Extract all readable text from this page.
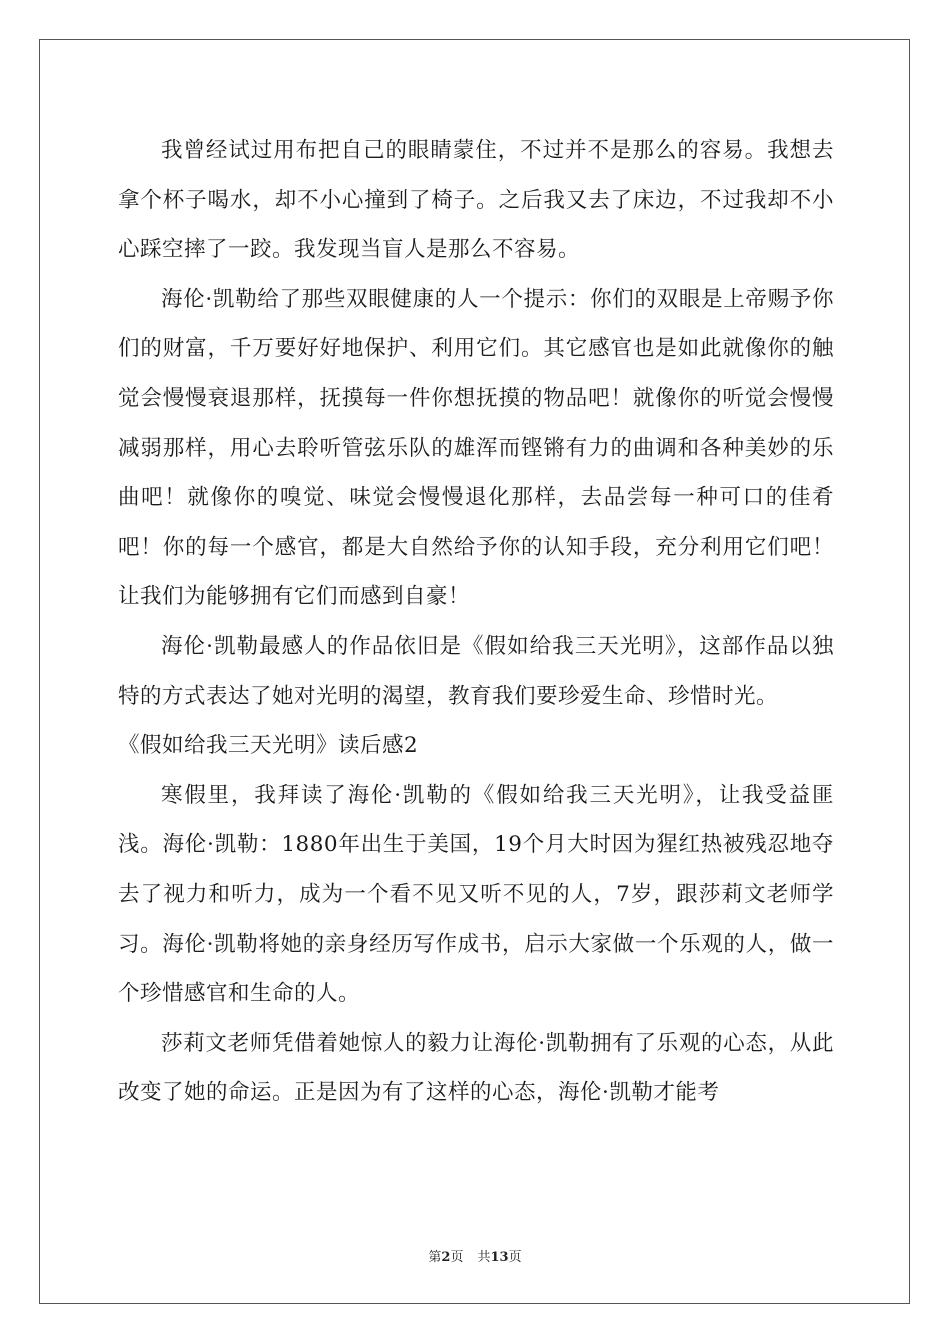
我曾经试过用布把自己的眼睛蒙住，不过并不是那么的容易。我想去拿个杯子喝水，却不小心撞到了椅子。之后我又去了床边，不过我却不小心踩空摔了一跤。我发现当盲人是那么不容易。

海伦·凯勒给了那些双眼健康的人一个提示：你们的双眼是上帝赐予你们的财富，千万要好好地保护、利用它们。其它感官也是如此就像你的触觉会慢慢衰退那样，抚摸每一件你想抚摸的物品吧！就像你的听觉会慢慢减弱那样，用心去聆听管弦乐队的雄浑而铿锵有力的曲调和各种美妙的乐曲吧！就像你的嗅觉、味觉会慢慢退化那样，去品尝每一种可口的佳肴吧！你的每一个感官，都是大自然给予你的认知手段，充分利用它们吧！让我们为能够拥有它们而感到自豪！

海伦·凯勒最感人的作品依旧是《假如给我三天光明》，这部作品以独特的方式表达了她对光明的渴望，教育我们要珍爱生命、珍惜时光。

《假如给我三天光明》读后感2

寒假里，我拜读了海伦·凯勒的《假如给我三天光明》，让我受益匪浅。海伦·凯勒：1880年出生于美国，19个月大时因为猩红热被残忍地夺去了视力和听力，成为一个看不见又听不见的人，7岁，跟莎莉文老师学习。海伦·凯勒将她的亲身经历写作成书，启示大家做一个乐观的人，做一个珍惜感官和生命的人。

莎莉文老师凭借着她惊人的毅力让海伦·凯勒拥有了乐观的心态，从此改变了她的命运。正是因为有了这样的心态，海伦·凯勒才能考

第2页 共13页
